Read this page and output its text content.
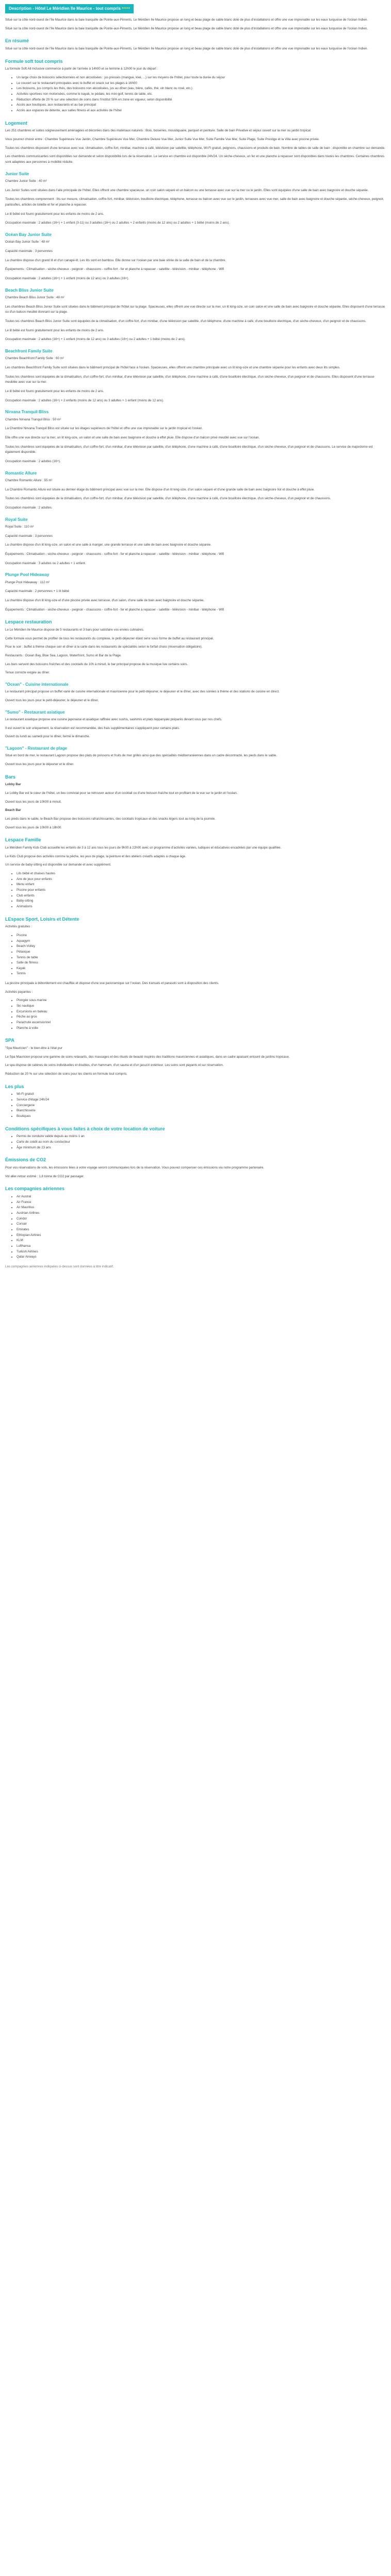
Description - Hôtel Le Méridien Ile Maurice - tout compris *****

Situé sur la côte nord-ouest de l'île Maurice dans la baie tranquille de Pointe-aux-Piments, Le Méridien Ile Maurice propose un long et beau plage de sable blanc doté de plus d'installations et offre une vue imprenable sur les eaux turquoise de l'océan Indien.

Situé sur la côte nord-ouest de l'île Maurice dans la baie tranquille de Pointe-aux-Piments, Le Méridien Ile Maurice propose un long et beau plage de sable blanc doté de plus d'installations et offre une vue imprenable sur les eaux turquoise de l'océan Indien.

En résumé

Situé sur la côte nord-ouest de l'île Maurice dans la baie tranquille de Pointe-aux-Piments, Le Méridien Ile Maurice propose un long et beau plage de sable blanc doté de plus d'installations et offre une vue imprenable sur les eaux turquoise de l'océan Indien.

Formule soft tout compris

La formule Soft All Inclusive commence à partir de l'arrivée à 14h00 et se termine à 12h00 le jour du départ :

• Un large choix de boissons sélectionnées et non alcoolisées : jus pressés (mangue, kiwi, ...) sur les moyens de l'hôtel, pour toute la durée du séjour
• Le couvert sur le restaurant principales avec le buffet et snack sur les plages à 16h00
• Les boissons, jus compris les thés, des boissons non alcoolisées, jus au dîner (eau, bière, cafés, thé, vin blanc ou rosé, etc.)
• Activités sportives non motorisées, comme le kayak, le pédalo, les mini-golf, tennis de table, etc.
• Réduction offerte de 20 % sur une sélection de soins dans l'institut SPA en zone en vigueur, selon disponibilité
• Accès aux boutiques, aux restaurants et au bar principal
• Accès aux espaces de détente, aux salles fitness et aux activités de l'hôtel
Logement

Les 251 chambres et suites soigneusement aménagées et décorées dans des matériaux naturels : Bois, boiseries, moustiquaire, parquet et peinture. Salle de bain Privative et séjour ouvert sur la mer ou jardin tropical.

Vous pourrez choisir entre : Chambre Supérieure Vue Jardin, Chambre Supérieure Vue Mer, Chambre Deluxe Vue Mer, Junior Suite Vue Mer, Suite Famille Vue Mer, Suite Plage, Suite Prestige et la Villa avec piscine privée.

Toutes les chambres disposent d'une terrasse avec vue, climatisation, coffre-fort, minibar, machine à café, télévision par satellite, téléphone, Wi-Fi gratuit, peignoirs, chaussons et produits de bain. Nombre de tables de salle de bain : disponible en chambre sur demande.

Les chambres communicantes sont disponibles sur demande et selon disponibilité lors de la réservation. Le service en chambre est disponible 24h/24. Un sèche-cheveux, un fer et une planche à repasser sont disponibles dans toutes les chambres. Certaines chambres sont adaptées aux personnes à mobilité réduite.

Junior Suite

Chambre Junior Suite : 40 m²

Les Junior Suites sont situées dans l'aile principale de l'hôtel. Elles offrent une chambre spacieuse, un coin salon séparé et un balcon ou une terrasse avec vue sur la mer ou le jardin. Elles sont équipées d'une salle de bain avec baignoire et douche séparée.

Toutes les chambres comprennent : lits sur mesure, climatisation, coffre-fort, minibar, télévision, bouilloire électrique, téléphone, terrasse ou balcon avec vue sur le jardin, terrasses avec vue mer, salle de bain avec baignoire et douche séparée, sèche-cheveux, peignoir, pantoufles, articles de toilette et fer et planche à repasser.

Le lit bébé est fourni gratuitement pour les enfants de moins de 2 ans.

Occupation maximale : 2 adultes (16+) + 1 enfant (3-11) ou 3 adultes (16+) ou 2 adultes + 2 enfants (moins de 12 ans) ou 2 adultes + 1 bébé (moins de 2 ans).

Océan Bay Junior Suite

Océan Bay Junior Suite : 48 m²

Capacité maximale : 3 personnes

La chambre dispose d'un grand lit et d'un canapé-lit. Les lits sont en bambou. Elle donne sur l'océan par une baie vitrée de la salle de bain et de la chambre.

Équipements : Climatisation - sèche-cheveux - peignoir - chaussons - coffre-fort - fer et planche à repasser - satellite - télévision - minibar - téléphone - Wifi

Occupation maximale : 2 adultes (16+) + 1 enfant (moins de 12 ans) ou 3 adultes (16+).

Beach Bliss Junior Suite

Chambre Beach Bliss Junior Suite : 48 m²

Les chambres Beach Bliss Junior Suite sont situées dans le bâtiment principal de l'hôtel sur la plage. Spacieuses, elles offrent une vue directe sur la mer, un lit king-size, un coin salon et une salle de bain avec baignoire et douche séparée. Elles disposent d'une terrasse ou d'un balcon meublé donnant sur la plage.

Toutes les chambres Beach Bliss Junior Suite sont équipées de la climatisation, d'un coffre-fort, d'un minibar, d'une télévision par satellite, d'un téléphone, d'une machine à café, d'une bouilloire électrique, d'un sèche-cheveux, d'un peignoir et de chaussons.

Le lit bébé est fourni gratuitement pour les enfants de moins de 2 ans.

Occupation maximale : 2 adultes (16+) + 1 enfant (moins de 12 ans) ou 3 adultes (16+) ou 2 adultes + 1 bébé (moins de 2 ans).

Beachfront Family Suite

Chambre Beachfront Family Suite : 60 m²

Les chambres Beachfront Family Suite sont situées dans le bâtiment principal de l'hôtel face à l'océan. Spacieuses, elles offrent une chambre principale avec un lit king-size et une chambre séparée pour les enfants avec deux lits simples.

Toutes les chambres sont équipées de la climatisation, d'un coffre-fort, d'un minibar, d'une télévision par satellite, d'un téléphone, d'une machine à café, d'une bouilloire électrique, d'un sèche-cheveux, d'un peignoir et de chaussons. Elles disposent d'une terrasse meublée avec vue sur la mer.

Le lit bébé est fourni gratuitement pour les enfants de moins de 2 ans.

Occupation maximale : 2 adultes (16+) + 2 enfants (moins de 12 ans) ou 3 adultes + 1 enfant (moins de 12 ans).

Nirvana Tranquil Bliss

Chambre Nirvana Tranquil Bliss : 50 m²

La Chambre Nirvana Tranquil Bliss est située sur les étages supérieurs de l'hôtel et offre une vue imprenable sur le jardin tropical et l'océan.

Elle offre une vue directe sur la mer, un lit king-size, un salon et une salle de bain avec baignoire et douche à effet pluie. Elle dispose d'un balcon privé meublé avec vue sur l'océan.

Toutes les chambres sont équipées de la climatisation, d'un coffre-fort, d'un minibar, d'une télévision par satellite, d'un téléphone, d'une machine à café, d'une bouilloire électrique, d'un sèche-cheveux, d'un peignoir et de chaussons. Le service de majordome est également disponible.

Occupation maximale : 2 adultes (16+).

Romantic Allure

Chambre Romantic Allure : 55 m²

La Chambre Romantic Allure est située au dernier étage du bâtiment principal avec vue sur la mer. Elle dispose d'un lit king-size, d'un salon séparé et d'une grande salle de bain avec baignoire îlot et douche à effet pluie.

Toutes les chambres sont équipées de la climatisation, d'un coffre-fort, d'un minibar, d'une télévision par satellite, d'un téléphone, d'une machine à café, d'une bouilloire électrique, d'un sèche-cheveux, d'un peignoir et de chaussons.

Occupation maximale : 2 adultes.

Royal Suite

Royal Suite : 110 m²

Capacité maximale : 3 personnes

La chambre dispose d'un lit king-size, un salon et une salle à manger, une grande terrasse et une salle de bain avec baignoire et douche séparée.

Équipements : Climatisation - sèche-cheveux - peignoir - chaussons - coffre-fort - fer et planche à repasser - satellite - télévision - minibar - téléphone - Wifi

Occupation maximale : 3 adultes ou 2 adultes + 1 enfant.

Plunge Pool Hideaway

Plunge Pool Hideaway : 112 m²

Capacité maximale : 2 personnes + 1 lit bébé

La chambre dispose d'un lit king-size et d'une piscine privée avec terrasse, d'un salon, d'une salle de bain avec baignoire et douche séparée.

Équipements : Climatisation - sèche-cheveux - peignoir - chaussons - coffre-fort - fer et planche à repasser - satellite - télévision - minibar - téléphone - Wifi

Lespace restauration

Le Le Méridien Ile Maurice dispose de 5 restaurants et 3 bars pour satisfaire vos envies culinaires.

Cette formule vous permet de profiter de tous les restaurants du complexe, le petit-déjeuner étant servi sous forme de buffet au restaurant principal.

Pour le soir : buffet à thème chaque soir et dîner à la carte dans les restaurants de spécialités selon le forfait choisi (réservation obligatoire).

Restaurants : Ocean Bay, Blue Sea, Lagoon, Waterfront, Sumo et Bar de la Plage.

Les bars servent des boissons fraîches et des cocktails de 10h à minuit, le bar principal propose de la musique live certains soirs.

Tenue correcte exigée au dîner.

"Ocean" - Cuisine internationale

Le restaurant principal propose un buffet varié de cuisine internationale et mauricienne pour le petit-déjeuner, le déjeuner et le dîner, avec des soirées à thème et des stations de cuisine en direct.

Ouvert tous les jours pour le petit-déjeuner, le déjeuner et le dîner.

"Sumo" - Restaurant asiatique

Le restaurant asiatique propose une cuisine japonaise et asiatique raffinée avec sushis, sashimis et plats teppanyaki préparés devant vous par nos chefs.

Il est ouvert le soir uniquement, la réservation est recommandée, des frais supplémentaires s'appliquent pour certains plats.

Ouvert du lundi au samedi pour le dîner, fermé le dimanche.

"Lagoon" - Restaurant de plage

Situé en bord de mer, le restaurant Lagoon propose des plats de poissons et fruits de mer grillés ainsi que des spécialités méditerranéennes dans un cadre décontracté, les pieds dans le sable.

Ouvert tous les jours pour le déjeuner et le dîner.

Bars

Lobby Bar

Le Lobby Bar est le cœur de l'hôtel, un lieu convivial pour se retrouver autour d'un cocktail ou d'une boisson fraîche tout en profitant de la vue sur le jardin et l'océan.

Ouvert tous les jours de 10h00 à minuit.

Beach Bar

Les pieds dans le sable, le Beach Bar propose des boissons rafraîchissantes, des cocktails tropicaux et des snacks légers tout au long de la journée.

Ouvert tous les jours de 10h00 à 18h00.

Lespace Famille

Le Méridien Family Kids Club accueille les enfants de 3 à 12 ans tous les jours de 9h00 à 22h00 avec un programme d'activités variées, ludiques et éducatives encadrées par une équipe qualifiée.

Le Kids Club propose des activités comme la pêche, les jeux de plage, la peinture et des ateliers créatifs adaptés à chaque âge.

Un service de baby-sitting est disponible sur demande et avec supplément.

• Lits bébé et chaises hautes
• Aire de jeux pour enfants
• Menu enfant
• Piscine pour enfants
• Club enfants
• Baby-sitting
• Animations
LEspace Sport, Loisirs et Détente

Activités gratuites :

• Piscine
• Aquagym
• Beach-Volley
• Pétanque
• Tennis de table
• Salle de fitness
• Kayak
• Tennis

La piscine principale à débordement est chauffée et dispose d'une vue panoramique sur l'océan. Des transats et parasols sont à disposition des clients.

Activités payantes :

• Plongée sous-marine
• Ski nautique
• Excursions en bateau
• Pêche au gros
• Parachute ascensionnel
• Planche à voile
SPA

"Spa Mauricien" - le bien-être à l'état pur

Le Spa Mauricien propose une gamme de soins relaxants, des massages et des rituels de beauté inspirés des traditions mauriciennes et asiatiques, dans un cadre apaisant entouré de jardins tropicaux.

Le spa dispose de cabines de soins individuelles et doubles, d'un hammam, d'un sauna et d'un jacuzzi extérieur. Les soins sont payants et sur réservation.

Réduction de 20 % sur une sélection de soins pour les clients en formule tout compris.

Les plus
• Wi-Fi gratuit
• Service d'étage 24h/24
• Conciergerie
• Blanchisserie
• Boutiques
Conditions spécifiques à vous faites à choix de votre location de voiture
• Permis de conduire valide depuis au moins 1 an
• Carte de crédit au nom du conducteur
• Âge minimum de 23 ans
Émissions de CO2

Pour vos réservations de vols, les émissions liées à votre voyage seront communiquées lors de la réservation. Vous pouvez compenser ces émissions via notre programme partenaire.

Vol aller-retour estimé : 1,8 tonne de CO2 par passager.

Les compagnies aériennes
• Air Austral
• Air France
• Air Mauritius
• Austrian Airlines
• Condor
• Corsair
• Emirates
• Ethiopian Airlines
• KLM
• Lufthansa
• Turkish Airlines
• Qatar Airways

Les compagnies aériennes indiquées ci-dessus sont données à titre indicatif.
